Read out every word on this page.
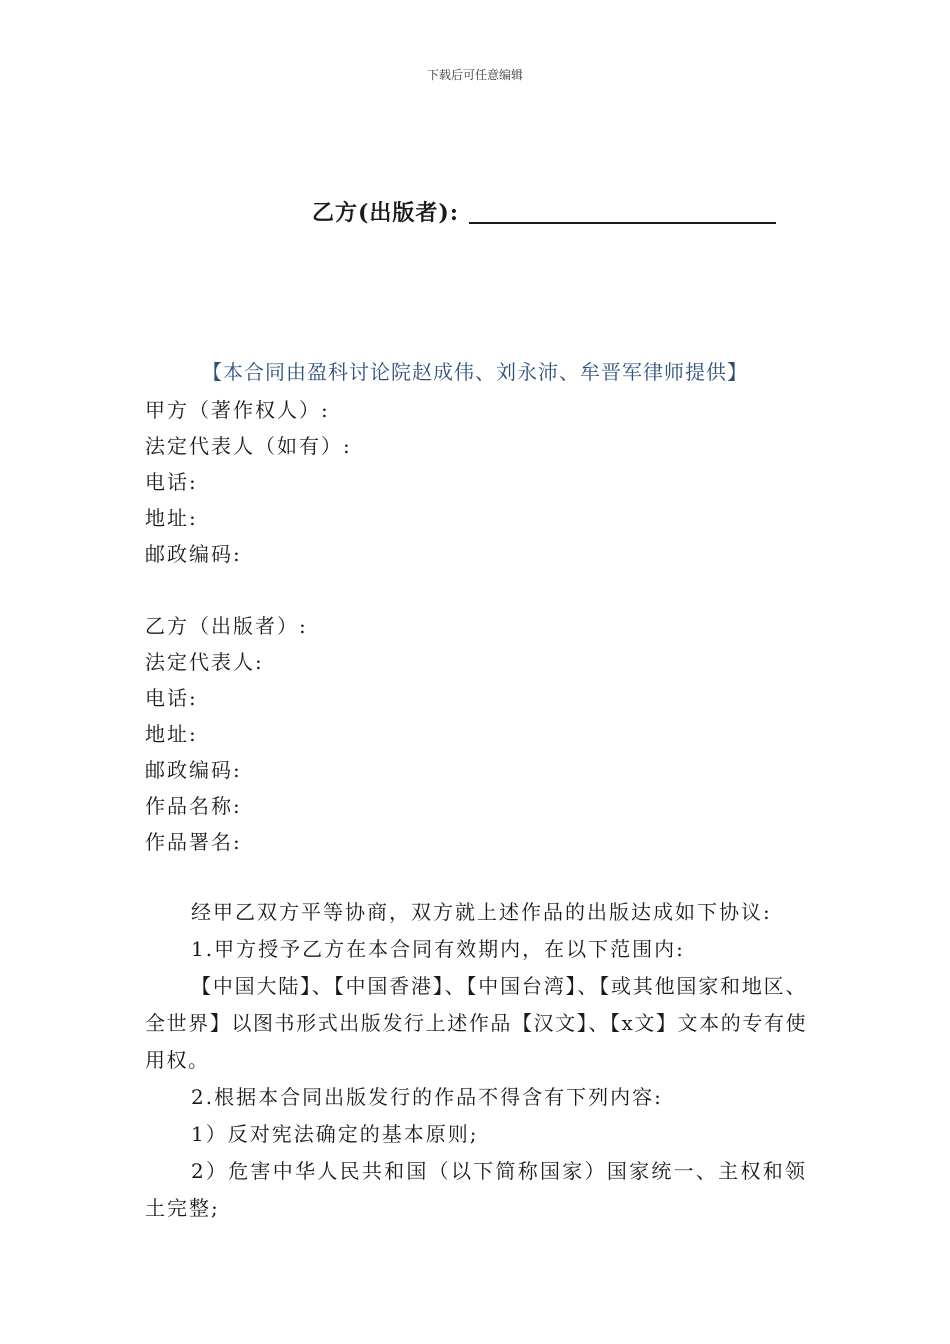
下载后可任意编辑
乙方(出版者):
【本合同由盈科讨论院赵成伟、刘永沛、牟晋军律师提供】
甲方（著作权人）:
法定代表人（如有）:
电话:
地址:
邮政编码:
乙方（出版者）:
法定代表人:
电话:
地址:
邮政编码:
作品名称:
作品署名:

经甲乙双方平等协商，双方就上述作品的出版达成如下协议:

1.甲方授予乙方在本合同有效期内，在以下范围内:

【中国大陆】、【中国香港】、【中国台湾】、【或其他国家和地区、全世界】以图书形式出版发行上述作品【汉文】、【x文】文本的专有使用权。

2.根据本合同出版发行的作品不得含有下列内容:

1）反对宪法确定的基本原则;

2）危害中华人民共和国（以下简称国家）国家统一、主权和领土完整;
